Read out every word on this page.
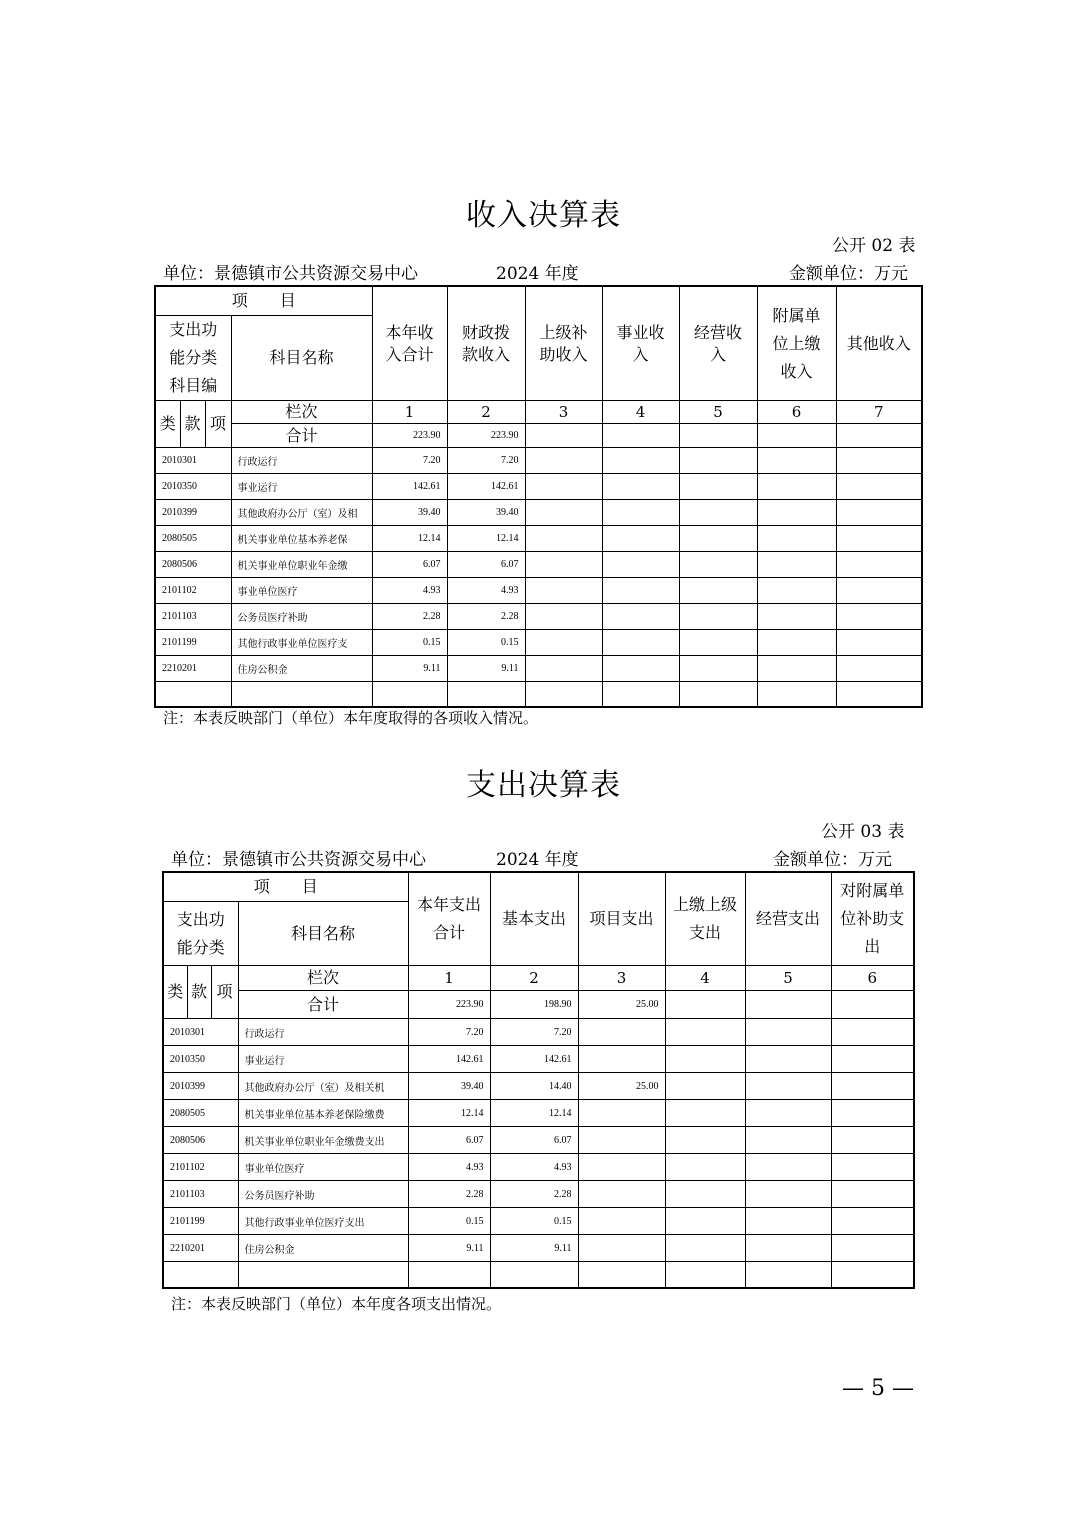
收入决算表
公开 02 表
单位：景德镇市公共资源交易中心	2024 年度	金额单位：万元
项　　目				本年收入合计	财政拨款收入	上级补助收入	事业收入	经营收入	附属单位上缴收入	其他收入

支出功能分类科目编			科目名称							
类	款	项	栏次	1	2	3	4	5	6	7
			合计	223.90	223.90					
2010301			行政运行	7.20	7.20					
2010350			事业运行	142.61	142.61					
2010399			其他政府办公厅（室）及相	39.40	39.40					
2080505			机关事业单位基本养老保	12.14	12.14					
2080506			机关事业单位职业年金缴	6.07	6.07					
2101102			事业单位医疗	4.93	4.93					
2101103			公务员医疗补助	2.28	2.28					
2101199			其他行政事业单位医疗支	0.15	0.15					
2210201			住房公积金	9.11	9.11					

注：本表反映部门（单位）本年度取得的各项收入情况。
支出决算表
公开 03 表
单位：景德镇市公共资源交易中心	2024 年度	金额单位：万元
项　　目				本年支出合计	基本支出	项目支出	上缴上级支出	经营支出	对附属单位补助支出

支出功能分类			科目名称						
类	款	项	栏次	1	2	3	4	5	6
			合计	223.90	198.90	25.00			
2010301			行政运行	7.20	7.20				
2010350			事业运行	142.61	142.61				
2010399			其他政府办公厅（室）及相关机	39.40	14.40	25.00			
2080505			机关事业单位基本养老保险缴费	12.14	12.14				
2080506			机关事业单位职业年金缴费支出	6.07	6.07				
2101102			事业单位医疗	4.93	4.93				
2101103			公务员医疗补助	2.28	2.28				
2101199			其他行政事业单位医疗支出	0.15	0.15				
2210201			住房公积金	9.11	9.11				

注：本表反映部门（单位）本年度各项支出情况。
— 5 —
